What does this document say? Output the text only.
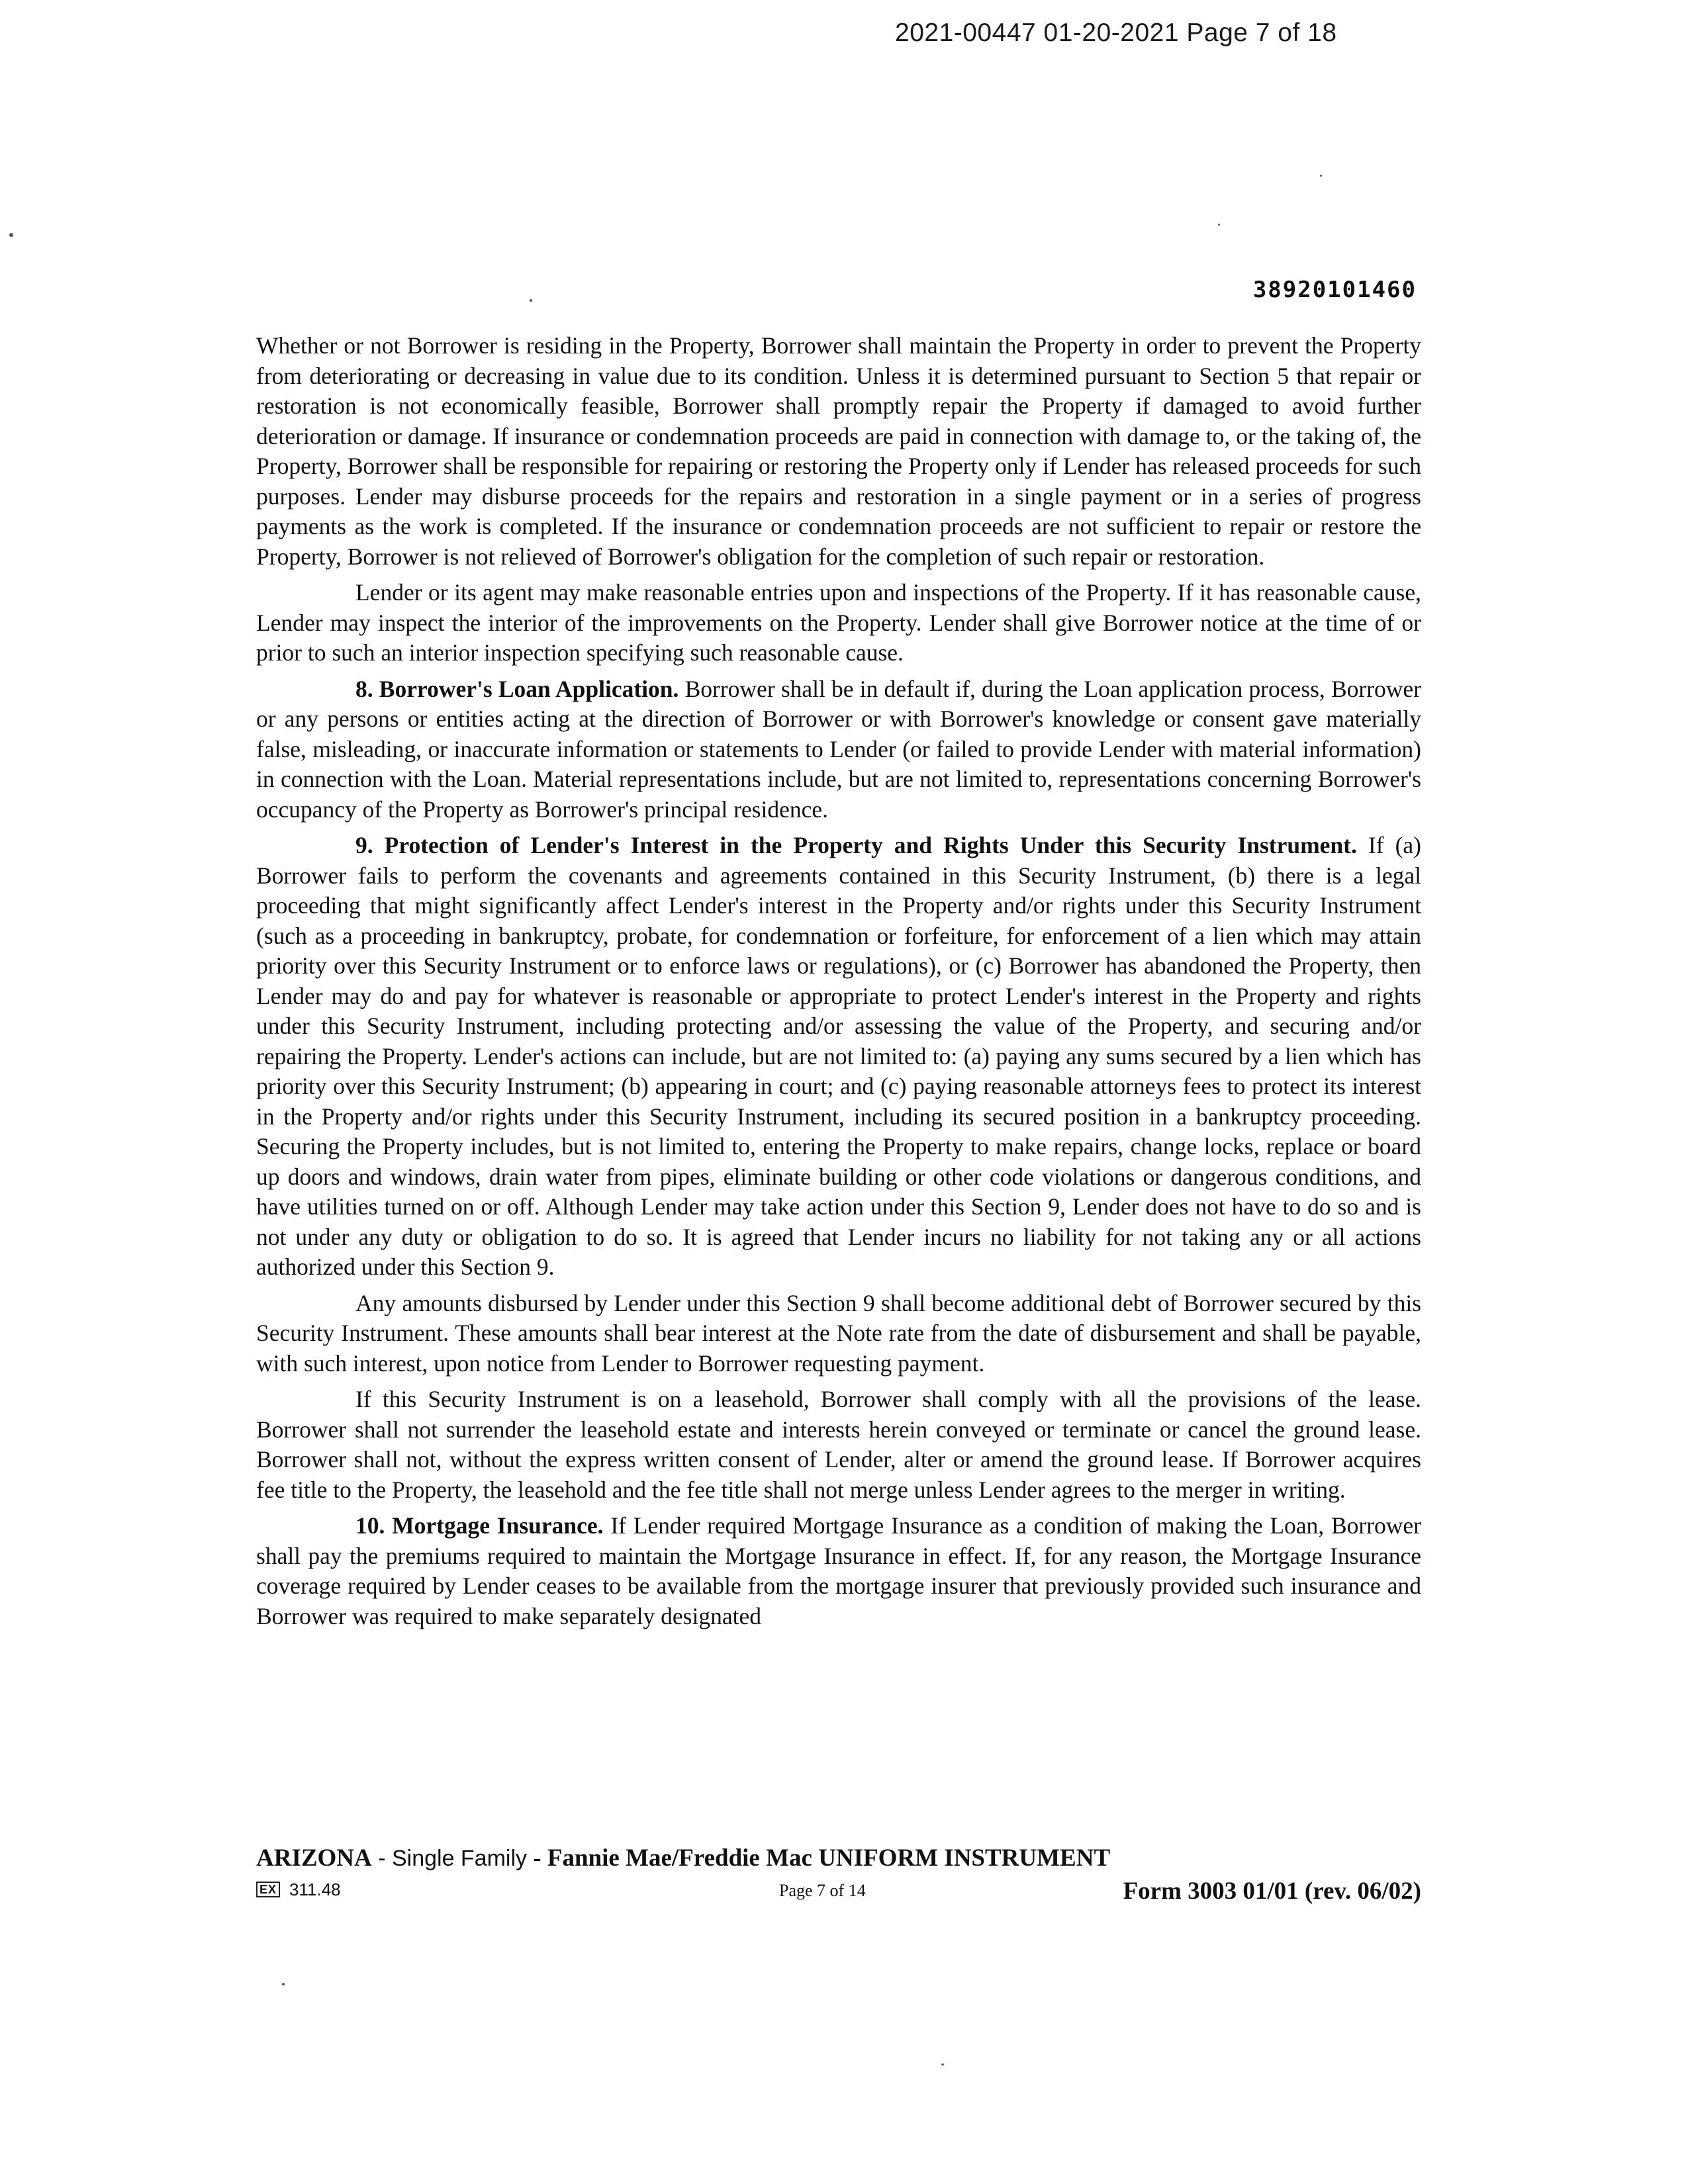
2021-00447 01-20-2021 Page 7 of 18
38920101460

Whether or not Borrower is residing in the Property, Borrower shall maintain the Property in order to prevent the Property from deteriorating or decreasing in value due to its condition. Unless it is determined pursuant to Section 5 that repair or restoration is not economically feasible, Borrower shall promptly repair the Property if damaged to avoid further deterioration or damage. If insurance or condemnation proceeds are paid in connection with damage to, or the taking of, the Property, Borrower shall be responsible for repairing or restoring the Property only if Lender has released proceeds for such purposes. Lender may disburse proceeds for the repairs and restoration in a single payment or in a series of progress payments as the work is completed. If the insurance or condemnation proceeds are not sufficient to repair or restore the Property, Borrower is not relieved of Borrower's obligation for the completion of such repair or restoration.

Lender or its agent may make reasonable entries upon and inspections of the Property. If it has reasonable cause, Lender may inspect the interior of the improvements on the Property. Lender shall give Borrower notice at the time of or prior to such an interior inspection specifying such reasonable cause.

8. Borrower's Loan Application. Borrower shall be in default if, during the Loan application process, Borrower or any persons or entities acting at the direction of Borrower or with Borrower's knowledge or consent gave materially false, misleading, or inaccurate information or statements to Lender (or failed to provide Lender with material information) in connection with the Loan. Material representations include, but are not limited to, representations concerning Borrower's occupancy of the Property as Borrower's principal residence.

9. Protection of Lender's Interest in the Property and Rights Under this Security Instrument. If (a) Borrower fails to perform the covenants and agreements contained in this Security Instrument, (b) there is a legal proceeding that might significantly affect Lender's interest in the Property and/or rights under this Security Instrument (such as a proceeding in bankruptcy, probate, for condemnation or forfeiture, for enforcement of a lien which may attain priority over this Security Instrument or to enforce laws or regulations), or (c) Borrower has abandoned the Property, then Lender may do and pay for whatever is reasonable or appropriate to protect Lender's interest in the Property and rights under this Security Instrument, including protecting and/or assessing the value of the Property, and securing and/or repairing the Property. Lender's actions can include, but are not limited to: (a) paying any sums secured by a lien which has priority over this Security Instrument; (b) appearing in court; and (c) paying reasonable attorneys fees to protect its interest in the Property and/or rights under this Security Instrument, including its secured position in a bankruptcy proceeding. Securing the Property includes, but is not limited to, entering the Property to make repairs, change locks, replace or board up doors and windows, drain water from pipes, eliminate building or other code violations or dangerous conditions, and have utilities turned on or off. Although Lender may take action under this Section 9, Lender does not have to do so and is not under any duty or obligation to do so. It is agreed that Lender incurs no liability for not taking any or all actions authorized under this Section 9.

Any amounts disbursed by Lender under this Section 9 shall become additional debt of Borrower secured by this Security Instrument. These amounts shall bear interest at the Note rate from the date of disbursement and shall be payable, with such interest, upon notice from Lender to Borrower requesting payment.

If this Security Instrument is on a leasehold, Borrower shall comply with all the provisions of the lease. Borrower shall not surrender the leasehold estate and interests herein conveyed or terminate or cancel the ground lease. Borrower shall not, without the express written consent of Lender, alter or amend the ground lease. If Borrower acquires fee title to the Property, the leasehold and the fee title shall not merge unless Lender agrees to the merger in writing.

10. Mortgage Insurance. If Lender required Mortgage Insurance as a condition of making the Loan, Borrower shall pay the premiums required to maintain the Mortgage Insurance in effect. If, for any reason, the Mortgage Insurance coverage required by Lender ceases to be available from the mortgage insurer that previously provided such insurance and Borrower was required to make separately designated

ARIZONA - Single Family - Fannie Mae/Freddie Mac UNIFORM INSTRUMENT
EX 311.48	Page 7 of 14	Form 3003 01/01 (rev. 06/02)
